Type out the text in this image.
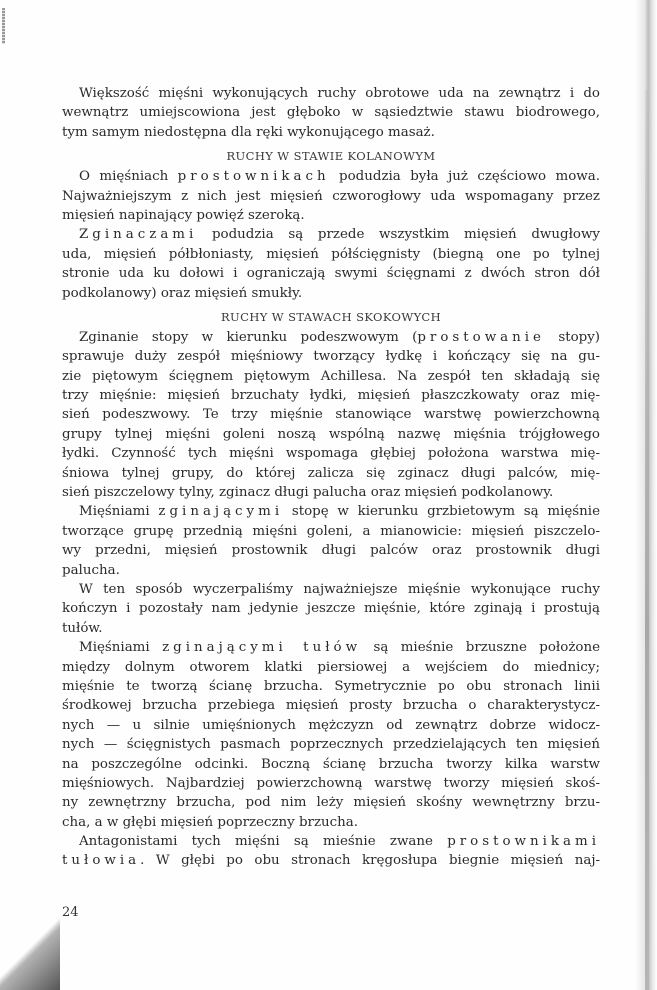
Większość mięśni wykonujących ruchy obrotowe uda na zewnątrz i do
wewnątrz umiejscowiona jest głęboko w sąsiedztwie stawu biodrowego,
tym samym niedostępna dla ręki wykonującego masaż.
RUCHY W STAWIE KOLANOWYM
O mięśniach prostownikach podudzia była już częściowo mowa.
Najważniejszym z nich jest mięsień czworogłowy uda wspomagany przez
mięsień napinający powięź szeroką.
Zginaczami podudzia są przede wszystkim mięsień dwugłowy
uda, mięsień półbłoniasty, mięsień półścięgnisty (biegną one po tylnej
stronie uda ku dołowi i ograniczają swymi ścięgnami z dwóch stron dół
podkolanowy) oraz mięsień smukły.
RUCHY W STAWACH SKOKOWYCH
Zginanie stopy w kierunku podeszwowym (prostowanie stopy)
sprawuje duży zespół mięśniowy tworzący łydkę i kończący się na gu-
zie piętowym ścięgnem piętowym Achillesa. Na zespół ten składają się
trzy mięśnie: mięsień brzuchaty łydki, mięsień płaszczkowaty oraz mię-
sień podeszwowy. Te trzy mięśnie stanowiące warstwę powierzchowną
grupy tylnej mięśni goleni noszą wspólną nazwę mięśnia trójgłowego
łydki. Czynność tych mięśni wspomaga głębiej położona warstwa mię-
śniowa tylnej grupy, do której zalicza się zginacz długi palców, mię-
sień piszczelowy tylny, zginacz długi palucha oraz mięsień podkolanowy.
Mięśniami zginającymi stopę w kierunku grzbietowym są mięśnie
tworzące grupę przednią mięśni goleni, a mianowicie: mięsień piszczelo-
wy przedni, mięsień prostownik długi palców oraz prostownik długi
palucha.
W ten sposób wyczerpaliśmy najważniejsze mięśnie wykonujące ruchy
kończyn i pozostały nam jedynie jeszcze mięśnie, które zginają i prostują
tułów.
Mięśniami zginającymi tułów są mieśnie brzuszne położone
między dolnym otworem klatki piersiowej a wejściem do miednicy;
mięśnie te tworzą ścianę brzucha. Symetrycznie po obu stronach linii
środkowej brzucha przebiega mięsień prosty brzucha o charakterystycz-
nych — u silnie umięśnionych mężczyzn od zewnątrz dobrze widocz-
nych — ścięgnistych pasmach poprzecznych przedzielających ten mięsień
na poszczególne odcinki. Boczną ścianę brzucha tworzy kilka warstw
mięśniowych. Najbardziej powierzchowną warstwę tworzy mięsień skoś-
ny zewnętrzny brzucha, pod nim leży mięsień skośny wewnętrzny brzu-
cha, a w głębi mięsień poprzeczny brzucha.
Antagonistami tych mięśni są mieśnie zwane prostownikami
tułowia. W głębi po obu stronach kręgosłupa biegnie mięsień naj-
24
